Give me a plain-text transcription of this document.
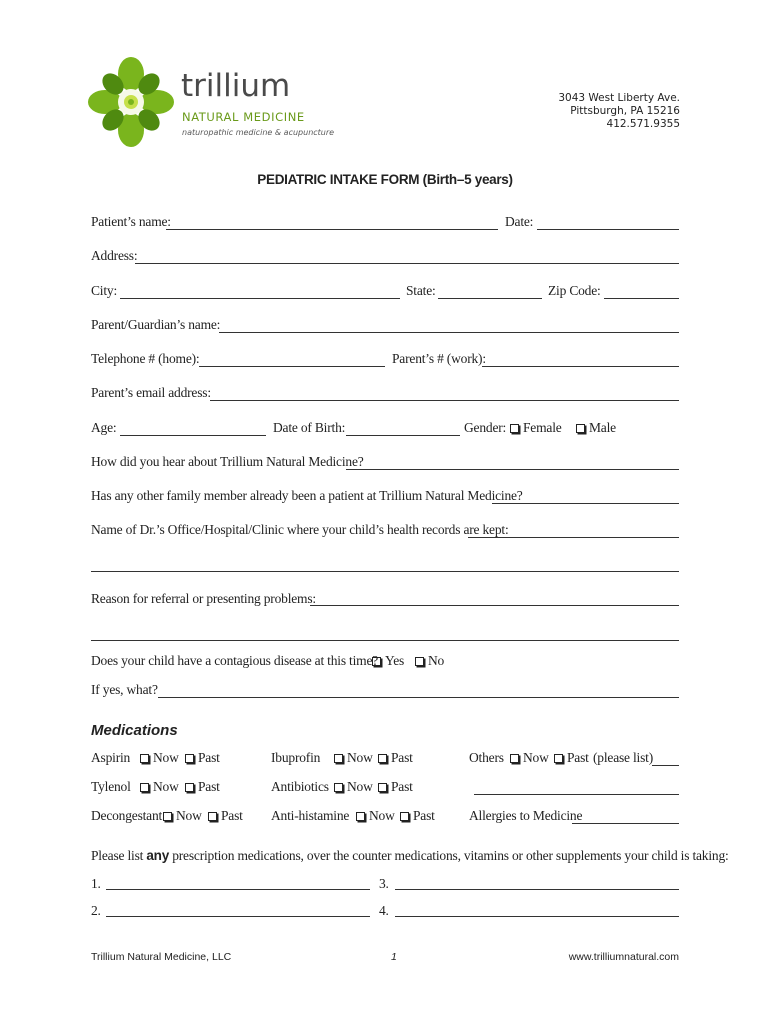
trillium
NATURAL MEDICINE
naturopathic medicine & acupuncture
3043 West Liberty Ave.
Pittsburgh, PA 15216
412.571.9355
PEDIATRIC INTAKE FORM (Birth–5 years)
Patient’s name:	Date:
Address:
City:	State:	Zip Code:
Parent/Guardian’s name:
Telephone # (home):	Parent’s # (work):
Parent’s email address:
Age:	Date of Birth:	Gender:	Female	Male
How did you hear about Trillium Natural Medicine?
Has any other family member already been a patient at Trillium Natural Medicine?
Name of Dr.’s Office/Hospital/Clinic where your child’s health records are kept:
Reason for referral or presenting problems:
Does your child have a contagious disease at this time? Yes	No
If yes, what?
Medications
Aspirin	Now	Past	Ibuprofin	Now	Past	Others	Now	Past (please list)
Tylenol	Now	Past	Antibiotics	Now	Past
Decongestant	Now	Past Anti-histamine	Now	Past	Allergies to Medicine
Please list any prescription medications, over the counter medications, vitamins or other supplements your child is taking:
1.	3.
2.	4.
Trillium Natural Medicine, LLC	1	www.trilliumnatural.com
